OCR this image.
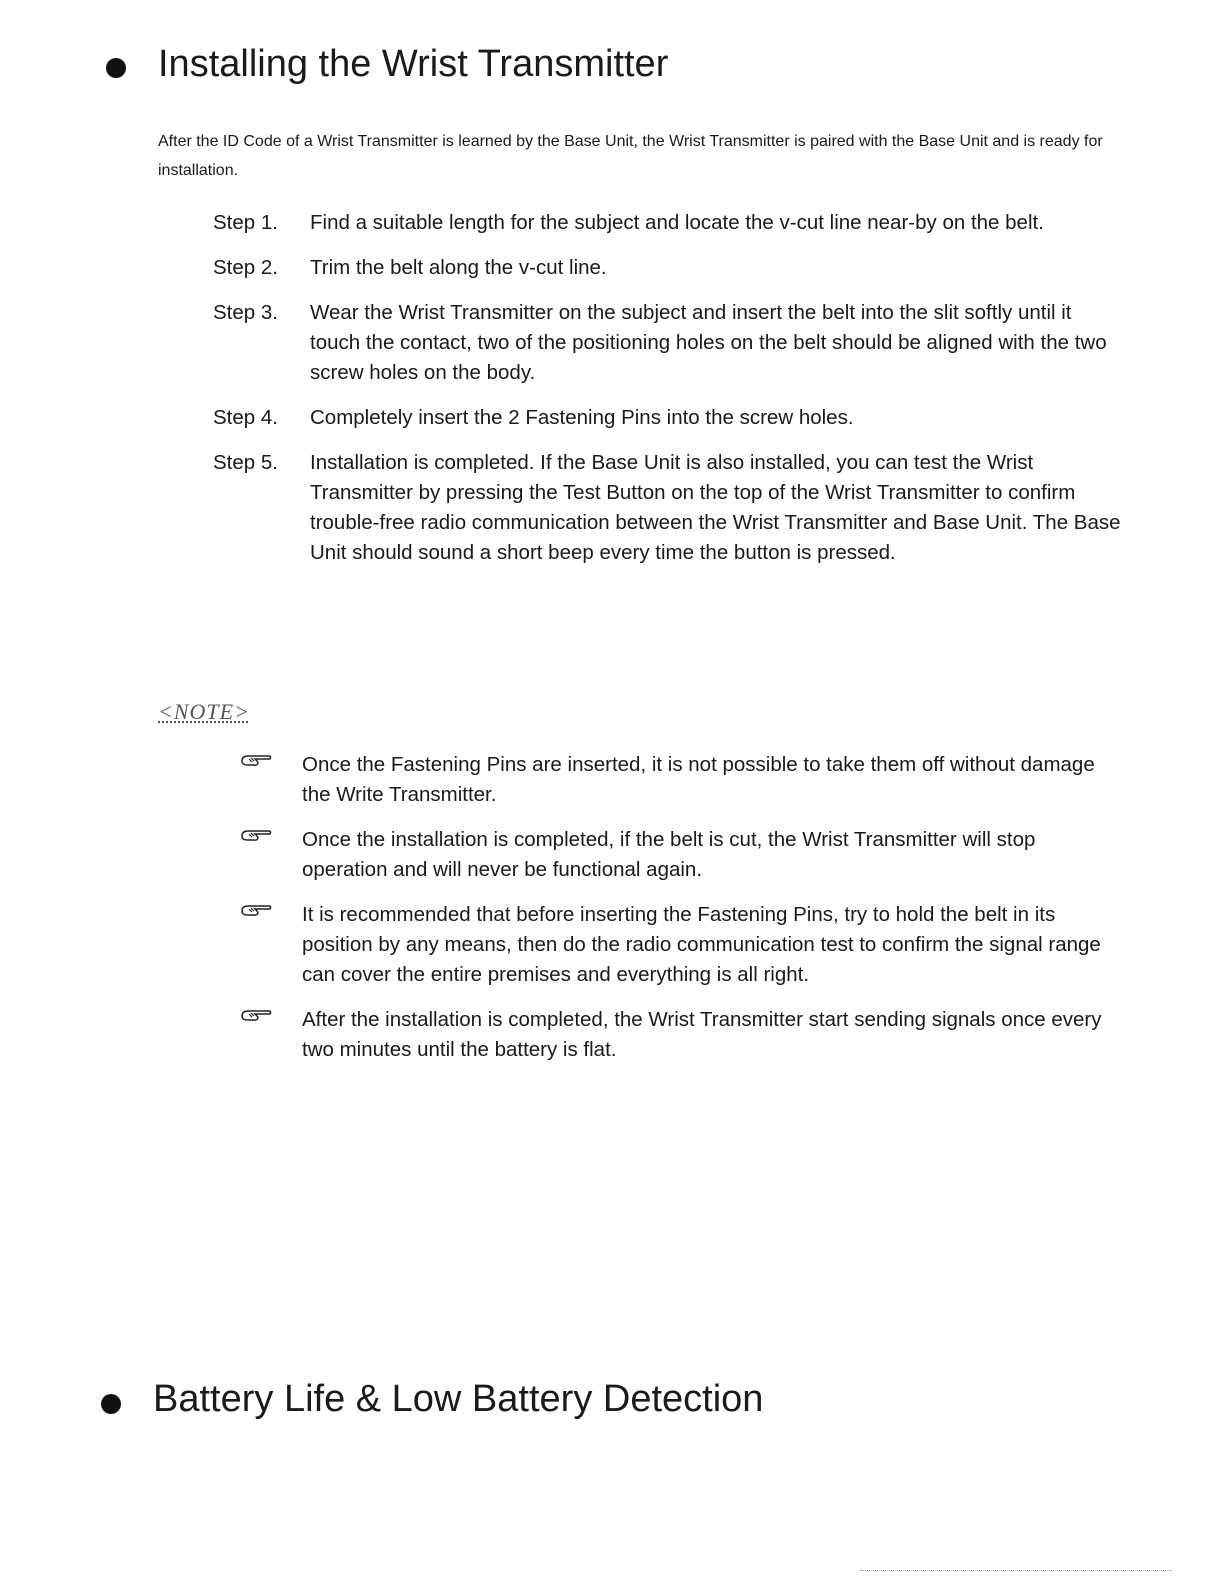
Installing the Wrist Transmitter

After the ID Code of a Wrist Transmitter is learned by the Base Unit, the Wrist Transmitter is paired with the Base Unit and is ready for installation.

Step 1.	Find a suitable length for the subject and locate the v-cut line near-by on the belt.
Step 2.	Trim the belt along the v-cut line.
Step 3.	Wear the Wrist Transmitter on the subject and insert the belt into the slit softly until it touch the contact, two of the positioning holes on the belt should be aligned with the two screw holes on the body.
Step 4.	Completely insert the 2 Fastening Pins into the screw holes.
Step 5.	Installation is completed. If the Base Unit is also installed, you can test the Wrist Transmitter by pressing the Test Button on the top of the Wrist Transmitter to confirm trouble-free radio communication between the Wrist Transmitter and Base Unit. The Base Unit should sound a short beep every time the button is pressed.
<NOTE>
Once the Fastening Pins are inserted, it is not possible to take them off without damage the Write Transmitter.
Once the installation is completed, if the belt is cut, the Wrist Transmitter will stop operation and will never be functional again.
It is recommended that before inserting the Fastening Pins, try to hold the belt in its position by any means, then do the radio communication test to confirm the signal range can cover the entire premises and everything is all right.
After the installation is completed, the Wrist Transmitter start sending signals once every two minutes until the battery is flat.
Battery Life & Low Battery Detection
